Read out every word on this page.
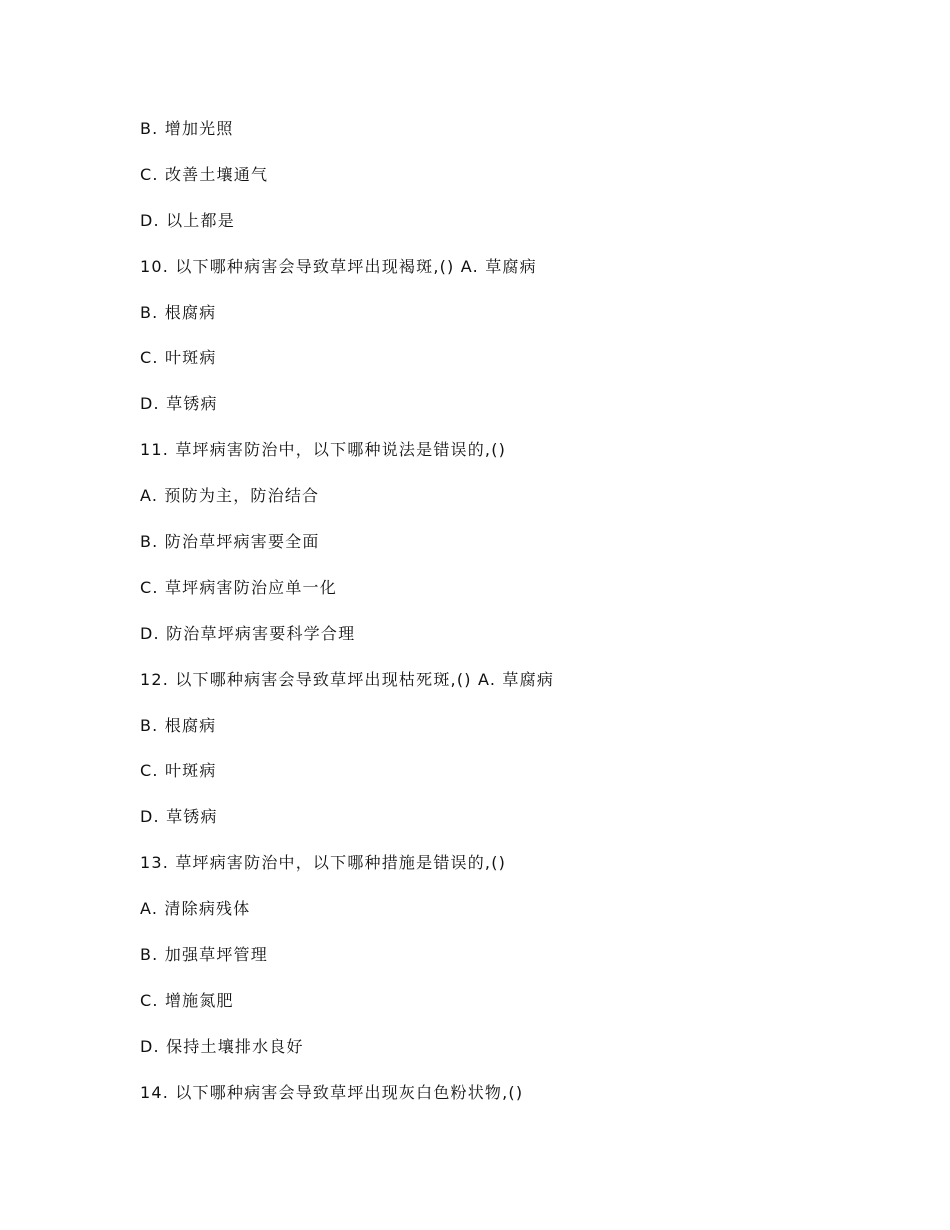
B. 增加光照
C. 改善土壤通气
D. 以上都是
10. 以下哪种病害会导致草坪出现褐斑,() A. 草腐病
B. 根腐病
C. 叶斑病
D. 草锈病
11. 草坪病害防治中，以下哪种说法是错误的,()
A. 预防为主，防治结合
B. 防治草坪病害要全面
C. 草坪病害防治应单一化
D. 防治草坪病害要科学合理
12. 以下哪种病害会导致草坪出现枯死斑,() A. 草腐病
B. 根腐病
C. 叶斑病
D. 草锈病
13. 草坪病害防治中，以下哪种措施是错误的,()
A. 清除病残体
B. 加强草坪管理
C. 增施氮肥
D. 保持土壤排水良好
14. 以下哪种病害会导致草坪出现灰白色粉状物,()
